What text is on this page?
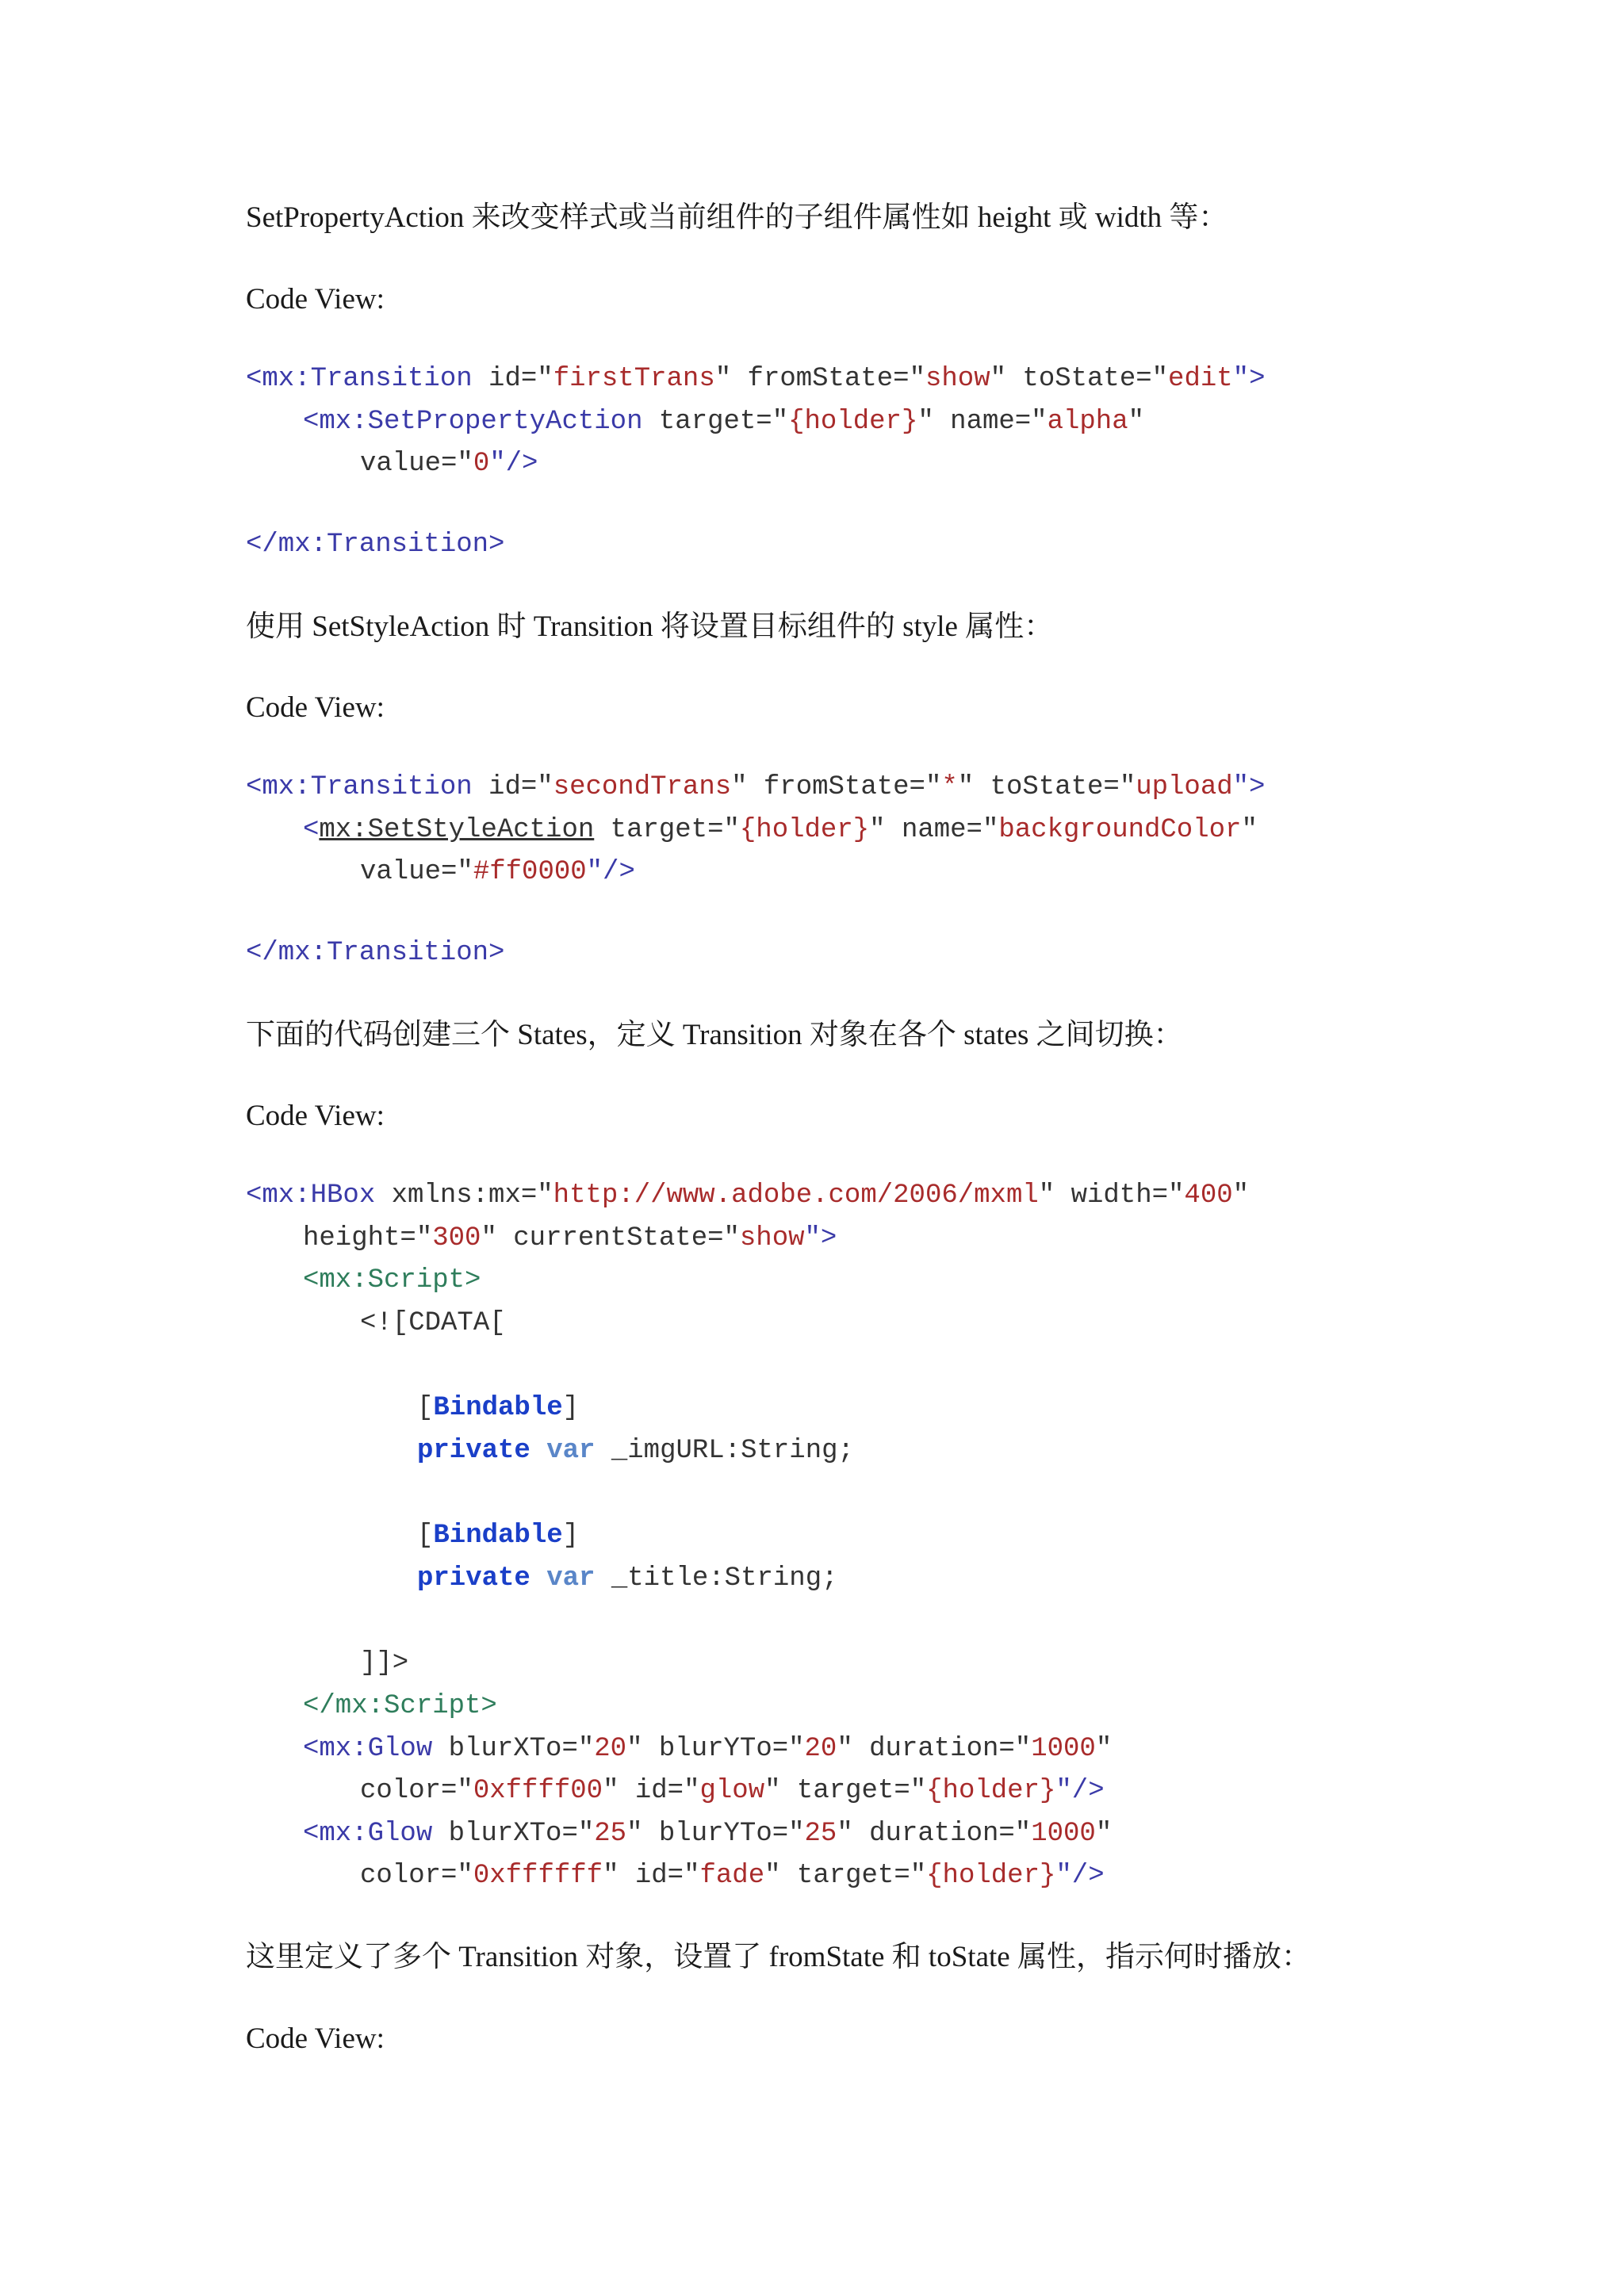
SetPropertyAction 来改变样式或当前组件的子组件属性如 height 或 width 等：

Code View:

<mx:Transition id="firstTrans" fromState="show" toState="edit">
<mx:SetPropertyAction target="{holder}" name="alpha"
value="0"/>
</mx:Transition>

使用 SetStyleAction 时 Transition 将设置目标组件的 style 属性：

Code View:

<mx:Transition id="secondTrans" fromState="*" toState="upload">
<mx:SetStyleAction target="{holder}" name="backgroundColor"
value="#ff0000"/>
</mx:Transition>

下面的代码创建三个 States，定义 Transition 对象在各个 states 之间切换：

Code View:

<mx:HBox xmlns:mx="http://www.adobe.com/2006/mxml" width="400"
height="300" currentState="show">
<mx:Script>
<![CDATA[
[Bindable]
private var _imgURL:String;
[Bindable]
private var _title:String;
]]>
</mx:Script>
<mx:Glow blurXTo="20" blurYTo="20" duration="1000"
color="0xffff00" id="glow" target="{holder}"/>
<mx:Glow blurXTo="25" blurYTo="25" duration="1000"
color="0xffffff" id="fade" target="{holder}"/>

这里定义了多个 Transition 对象，设置了 fromState 和 toState 属性，指示何时播放：

Code View:
